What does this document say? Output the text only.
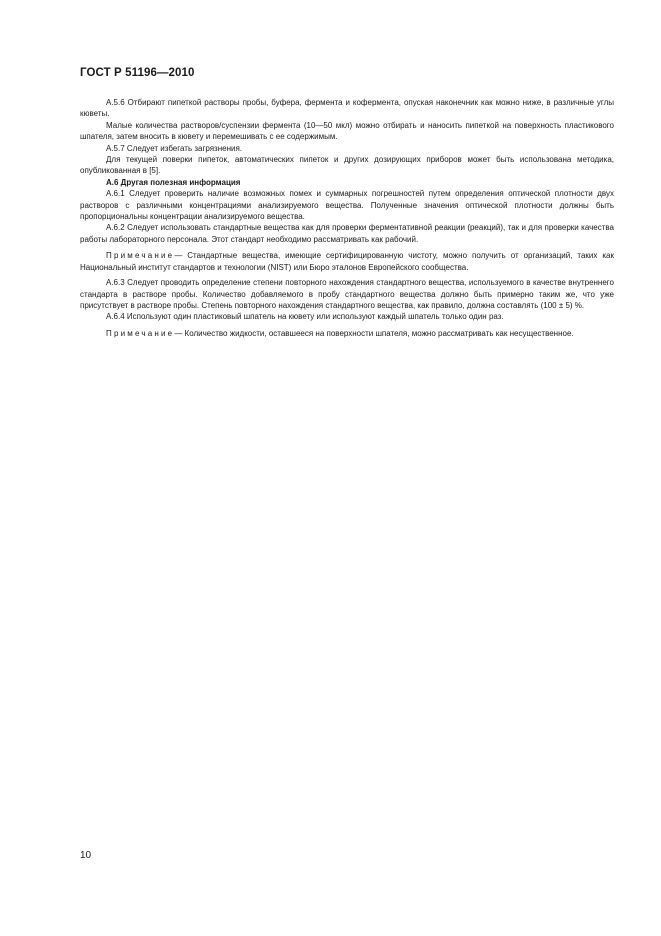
ГОСТ Р 51196—2010

А.5.6 Отбирают пипеткой растворы пробы, буфера, фермента и кофермента, опуская наконечник как можно ниже, в различные углы кюветы.

Малые количества растворов/суспензии фермента (10—50 мкл) можно отбирать и наносить пипеткой на поверхность пластикового шпателя, затем вносить в кювету и перемешивать с ее содержимым.

А.5.7 Следует избегать загрязнения.

Для текущей поверки пипеток, автоматических пипеток и других дозирующих приборов может быть использована методика, опубликованная в [5].

А.6 Другая полезная информация

А.6.1 Следует проверить наличие возможных помех и суммарных погрешностей путем определения оптической плотности двух растворов с различными концентрациями анализируемого вещества. Полученные значения оптической плотности должны быть пропорциональны концентрации анализируемого вещества.

А.6.2 Следует использовать стандартные вещества как для проверки ферментативной реакции (реакций), так и для проверки качества работы лабораторного персонала. Этот стандарт необходимо рассматривать как рабочий.

Примечание— Стандартные вещества, имеющие сертифицированную чистоту, можно получить от организаций, таких как Национальный институт стандартов и технологии (NIST) или Бюро эталонов Европейского сообщества.

А.6.3 Следует проводить определение степени повторного нахождения стандартного вещества, используемого в качестве внутреннего стандарта в растворе пробы. Количество добавляемого в пробу стандартного вещества должно быть примерно таким же, что уже присутствует в растворе пробы. Степень повторного нахождения стандартного вещества, как правило, должна составлять (100 ± 5) %.

А.6.4 Используют один пластиковый шпатель на кювету или используют каждый шпатель только один раз.

Примечание— Количество жидкости, оставшееся на поверхности шпателя, можно рассматривать как несущественное.

10
